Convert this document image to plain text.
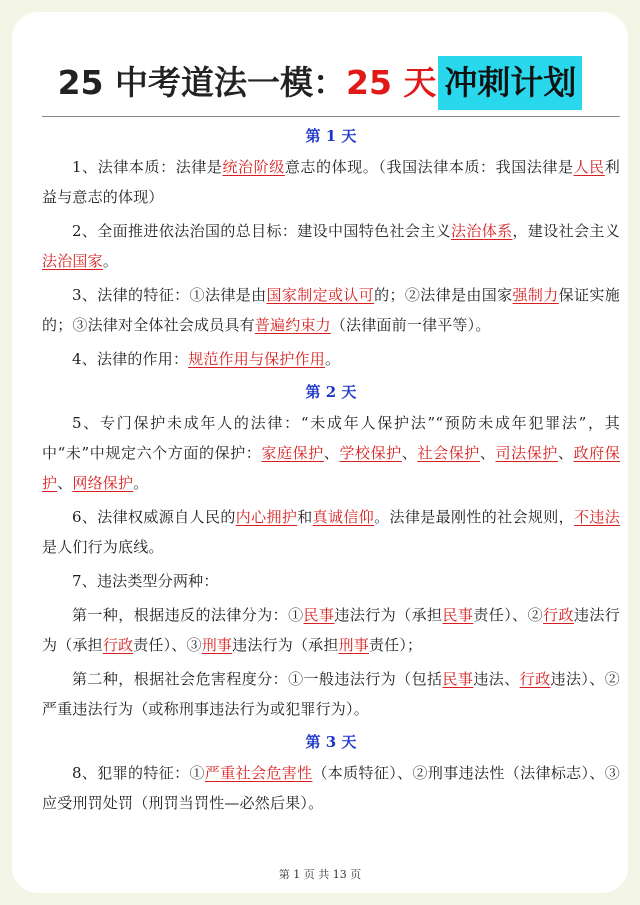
25 中考道法一模：25 天 冲刺计划
第 1 天

1、法律本质：法律是统治阶级意志的体现。（我国法律本质：我国法律是人民利益与意志的体现）

2、全面推进依法治国的总目标：建设中国特色社会主义法治体系，建设社会主义法治国家。

3、法律的特征：①法律是由国家制定或认可的；②法律是由国家强制力保证实施的；③法律对全体社会成员具有普遍约束力（法律面前一律平等）。

4、法律的作用：规范作用与保护作用。

第 2 天

5、专门保护未成年人的法律：“未成年人保护法”“预防未成年犯罪法”，其中“未”中规定六个方面的保护：家庭保护、学校保护、社会保护、司法保护、政府保护、网络保护。

6、法律权威源自人民的内心拥护和真诚信仰。法律是最刚性的社会规则，不违法是人们行为底线。

7、违法类型分两种：

第一种，根据违反的法律分为：①民事违法行为（承担民事责任）、②行政违法行为（承担行政责任）、③刑事违法行为（承担刑事责任）；

第二种，根据社会危害程度分：①一般违法行为（包括民事违法、行政违法）、②严重违法行为（或称刑事违法行为或犯罪行为）。

第 3 天

8、犯罪的特征：①严重社会危害性（本质特征）、②刑事违法性（法律标志）、③应受刑罚处罚（刑罚当罚性—必然后果）。

第 1 页 共 13 页
